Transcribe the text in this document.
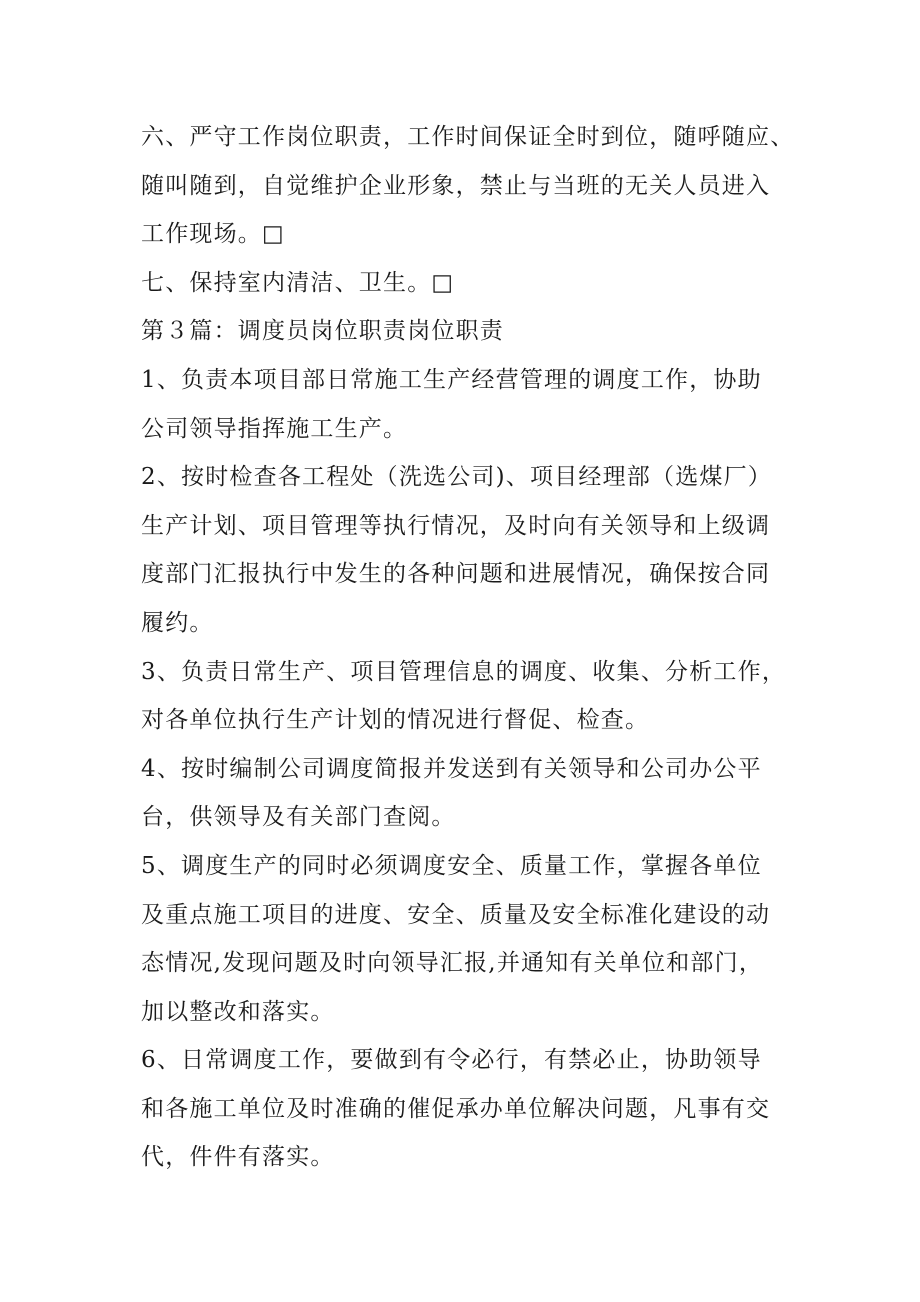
六、严守工作岗位职责，工作时间保证全时到位，随呼随应、
随叫随到，自觉维护企业形象，禁止与当班的无关人员进入
工作现场。□

七、保持室内清洁、卫生。□

第３篇：调度员岗位职责岗位职责

1、负责本项目部日常施工生产经营管理的调度工作，协助
公司领导指挥施工生产。

2、按时检查各工程处（洗选公司)、项目经理部（选煤厂）
生产计划、项目管理等执行情况，及时向有关领导和上级调
度部门汇报执行中发生的各种问题和进展情况，确保按合同
履约。

3、负责日常生产、项目管理信息的调度、收集、分析工作，
对各单位执行生产计划的情况进行督促、检查。

4、按时编制公司调度简报并发送到有关领导和公司办公平
台，供领导及有关部门查阅。

5、调度生产的同时必须调度安全、质量工作，掌握各单位
及重点施工项目的进度、安全、质量及安全标准化建设的动
态情况,发现问题及时向领导汇报,并通知有关单位和部门，
加以整改和落实。

6、日常调度工作，要做到有令必行，有禁必止，协助领导
和各施工单位及时准确的催促承办单位解决问题，凡事有交
代，件件有落实。
